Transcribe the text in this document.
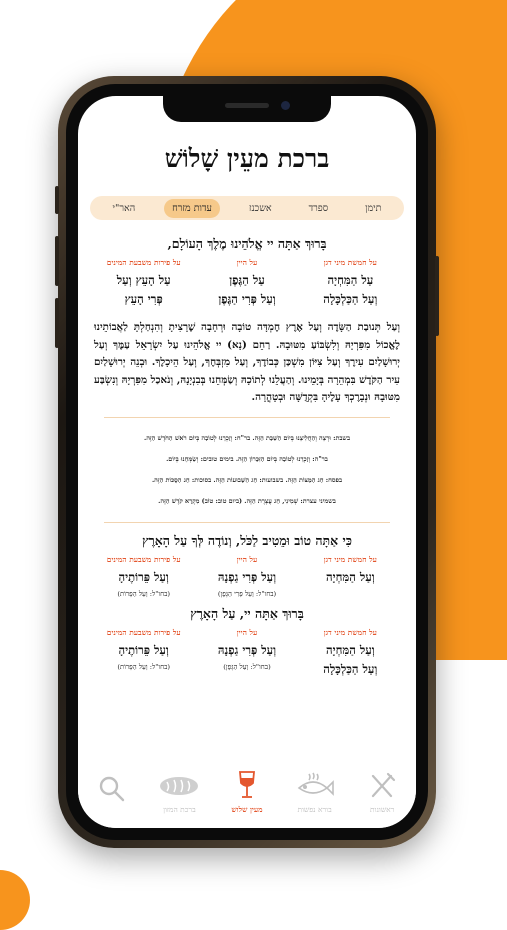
ברכת מעֵין שָׁלוֹשׁ
תימן
ספרד
אשכנז
עדות מזרח
האר"י
בָּרוּךְ אַתָּה יי אֱלֹהֵינוּ מֶלֶךְ הָעוֹלָם,
על חמשת מיני דגן
עַל הַמִּחְיָה
וְעַל הַכַּלְכָּלָה
על היין
עַל הַגֶּפֶן
וְעַל פְּרִי הַגֶּפֶן
על פירות משבעת המינים
עַל הָעֵץ וְעַל
פְּרִי הָעֵץ
וְעַל תְּנוּבַת הַשָּׂדֶה וְעַל אֶרֶץ חֶמְדָּה טוֹבָה וּרְחָבָה שֶׁרָצִיתָ וְהִנְחַלְתָּ לַאֲבוֹתֵינוּ לֶאֱכוֹל מִפִּרְיָהּ וְלִשְׂבּוֹעַ מִטּוּבָהּ. רַחֵם (נָא) יי אֱלֹהֵינוּ עַל יִשְׂרָאֵל עַמֶּךָ וְעַל יְרוּשָׁלַיִם עִירֶךָ וְעַל צִיּוֹן מִשְׁכַּן כְּבוֹדֶךָ, וְעַל מִזְבְּחֶךָ, וְעַל הֵיכָלֶךָ. וּבְנֵה יְרוּשָׁלַיִם עִיר הַקֹּדֶשׁ בִּמְהֵרָה בְּיָמֵינוּ. וְהַעֲלֵנוּ לְתוֹכָהּ וְשַׂמְּחֵנוּ בְּבִנְיָנָהּ, וְנֹאכַל מִפִּרְיָהּ וְנִשְׂבַּע מִטּוּבָהּ וּנְבָרֶכְךָ עָלֶיהָ בִּקְדֻשָּׁה וּבְטָהֳרָה.
בשבת: וּרְצֵה וְהַחֲלִיצֵנוּ בְּיוֹם הַשַּׁבָּת הַזֶּה. בר"ח: וְזָכְרֵנוּ לְטוֹבָה בְּיוֹם רֹאשׁ הַחֹדֶשׁ הַזֶּה.
בר"ה: וְזָכְרֵנוּ לְטוֹבָה בְּיוֹם הַזִּכָּרוֹן הַזֶּה. בימים טובים: וְשַׂמְּחֵנוּ בְּיוֹם.
בפסח: חַג הַמַּצּוֹת הַזֶּה. בשבועות: חַג הַשָּׁבוּעוֹת הַזֶּה. בסוכות: חַג הַסֻּכּוֹת הַזֶּה.
בשמיני עצרת: שְׁמִינִי, חַג עֲצֶרֶת הַזֶּה. (ביום טוב: טוֹב) מִקְרָא קֹדֶשׁ הַזֶּה.
כִּי אַתָּה טוֹב וּמֵטִיב לַכֹּל, וְנוֹדֶה לְּךָ עַל הָאָרֶץ
על חמשת מיני דגן
וְעַל הַמִּחְיָה
על היין
וְעַל פְּרִי גַפְנָהּ
(בחו"ל: וְעַל פְּרִי הַגָּפֶן)
על פירות משבעת המינים
וְעַל פֵּרוֹתֶיהָ
(בחו"ל: וְעַל הַפֵּרוֹת)
בָּרוּךְ אַתָּה יי, עַל הָאָרֶץ
על חמשת מיני דגן
וְעַל הַמִּחְיָה
וְעַל הַכַּלְכָּלָה
על היין
וְעַל פְּרִי גַפְנָהּ
(בחו"ל: וְעַל הַגָּפֶן)
על פירות משבעת המינים
וְעַל פֵּרוֹתֶיהָ
(בחו"ל: וְעַל הַפֵּרוֹת)
ראשונות
בורא נפשות
מעין שלוש
ברכת המזון
